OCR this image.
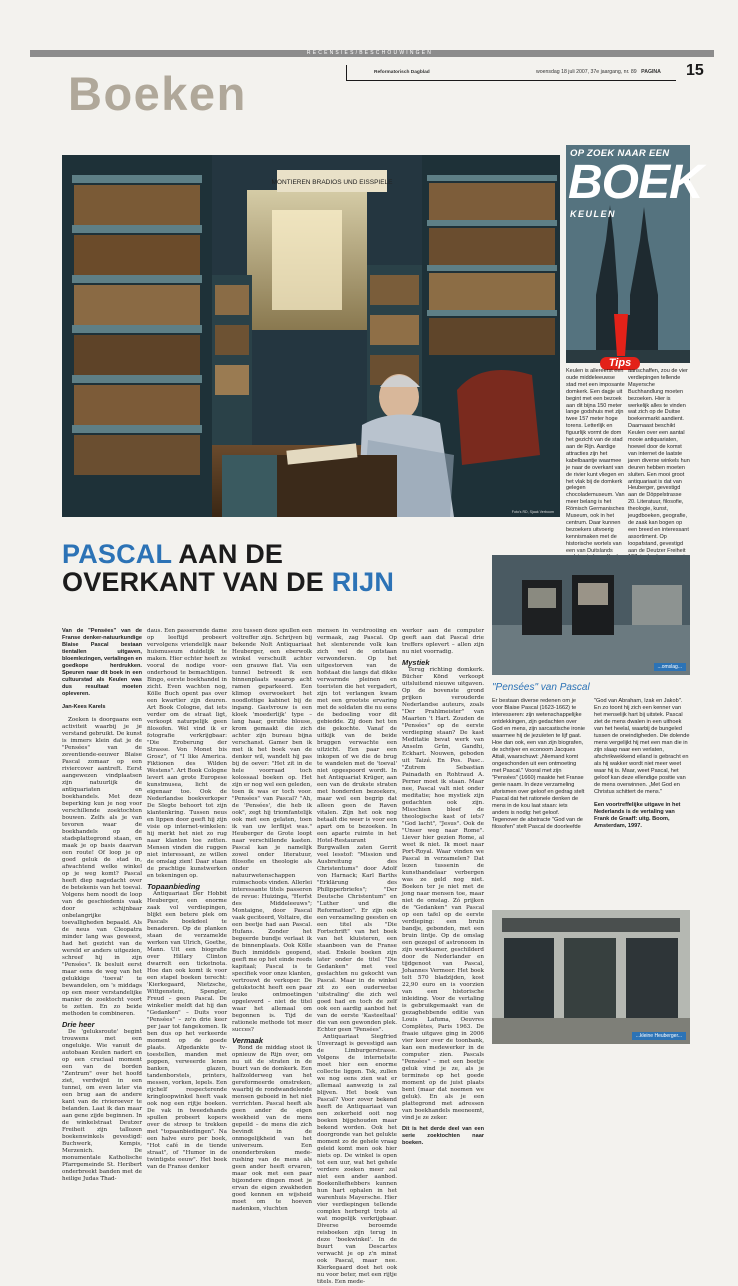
RECENSIES/BESCHOUWINGEN
Boeken	Reformatorisch Dagblad	woensdag 18 juli 2007, 37e jaargang, nr. 89 PAGINA 15
MONTIEREN BRADIOS UND EISSPIELE
Foto's RD, Sjaak Verboom
OP ZOEK NAAR EEN
BOEK
KEULEN
Tips
Keulen is allereerst een oude middeleeuwse stad met een imposante domkerk. Een dagje uit begint met een bezoek aan dit bijna 150 meter lange godshuis met zijn twee 157 meter hoge torens. Letterlijk en figuurlijk vormt de dom het gezicht van de stad aan de Rijn. Aardige attracties zijn het kabelbaantje waarmee je naar de overkant van de rivier kunt vliegen en het vlak bij de domkerk gelegen chocolademuseum. Van meer belang is het Römisch Germanisches Museum, ook in het centrum. Daar kunnen bezoekers uitvoerig kennismaken met de historische wortels van een van Duitslands
aanschaffen, zou de vier verdiepingen tellende Mayersche Buchhandlung moeten bezoeken. Hier is werkelijk alles te vinden wat zich op de Duitse boekenmarkt aandient. Daarnaast beschikt Keulen over een aantal mooie antiquariaten, hoewel door de komst van internet de laatste jaren diverse winkels hun deuren hebben moeten sluiten. Een mooi groot antiquariaat is dat van Heuberger, gevestigd aan de Döppelstrasse 20. Literatuur, filosofie, theologie, kunst, jeugdboeken, geografie, de zaak kan bogen op een breed en interessant assortiment. Op loopafstand, gevestigd aan de Deutzer Freiheit
PASCAL AAN DE
OVERKANT VAN DE RIJN

Van de "Pensées" van de Franse denker-natuurkundige Blaise Pascal bestaan tientallen uitgaven, bloemlezingen, vertalingen en goedkope herdrukken. Speuren naar dit boek in een cultuurstad als Keulen was dus resultaat moeten opleveren.

Jan-Kees Karels

Zoeken is doorgaans een activiteit waarbij je je verstand gebruikt. De kunst is immers klein dat je de "Pensées" van de zeventiende-eeuwer Blaise Pascal zomaar op een riviercover aantreft. Eerst aangewezen vindplaatsen zijn natuurlijk de antiquariaten en boekhandels. Met deze beperking kun je nog voor verschillende zoektochten bouwen. Zelfs als je van tevoren waar de boekhandels op de stadsplattegrond staan, en maak je op basis daarvan een route! Of loop je op goed geluk de stad in, afwachtend welke winkel op je weg komt? Pascal heeft diep nagedacht over de betekenis van het toeval. Volgens hem noodt de loop van de geschiedenis vaak door schijnbaar onbelangrijke toevalligheden bepaald. Als de neus van Cleopatra minder lang was geweest, had het gezicht van de wereld er anders uitgezien, schreef hij in zijn "Pensées". Ik besluit eerst maar eens de weg van het gelukkige 'toeval' te bewandelen, om 's middags op een meer verstandelijke manier de zoektocht voort te zetten. En zo beide methoden te combineren.

Drie heer

De 'geluksroute' begint trouwens met een ongelukje. Wie vanuit de autobaan Keulen nadert en op een cruciaal moment een van de borden "Zentrum" over het hoofd ziet, verdwijnt in een tunnel, om even later via een brug aan de andere kant van de rivieroever te belanden. Laat ik dan maar aan gene zijde beginnen. In de winkelstraat Deutzer Freiheit zijn tallozen boekenwinkels gevestigd: Buchwerk, Kempis, Merzenich. De monumentale Katholische Pfarrgemeinde St. Heribert onderbreekt banden met de heilige Judas Thad-

daus. Een passerende dame op leeftijd probeert vervolgens vriendelijk naar huismuseum duidelijk te maken. Hier echter heeft ze vooral de nodige voor-onderhoud te bemachtigen. Bingo, eerste boekhandel in zicht. Even wachten nog, Kölle Buch opent pas over een kwartier zijn deuren. Art Book Cologne, dat iets verder om de straat ligt, verkoopt naturpelijk geen filosofen. Wel vind ik er fotografie verkrijgbaar: "Die Eroberung der Strasse. Von Monet bis Grosz", of "I like America. Fiktionen des Wilden Westens". Art Book Cologne levert aan grote Europese kunstmusea, licht de eigenaar toe. Ook de Nederlandse boekverkoper De Slegte behoort tot zijn klantenkring. Tussen neus en lippen door geeft hij zijn visie op internet-winkelen: hij merkt het niet zo rug naar klanten toe zetten. Mensen vinden die ruggen niet interessant, ze willen de omslag zien! Daar staan de prachtige kunstwerken en tekeningen op.

Topaanbieding

Antiquariaat Der Hobbit Heuberger, een enorme zaak vol verdiepingen, blijkt een betere plek om Pascals boekdeel te benaderen. Op de planken staan de verzamelde werken van Ulrich, Goethe, Mann. Uit een biografie over Hillary Clinton dwarrelt een ticketnota. Hoe dan ook komt ik voor een stapel boeken terecht: 'Kierkegaard, Nietzsche, Wittgenstein, Spengler, Freud – geen Pascal. De winkelier meldt dat hij dan "Gedanken" – Duits voor "Pensées" – zo'n drie keer per jaar tot fangekomen. Ik ben dus op het verkeerde moment op de goede plaats. Afgedankte tv-toestellen, manden met poppen, verweerde lenen banken, glazen, tandenborstels, printers, messen, vorken, lepels. Een rijchelf respecterende kringloopwinkel heeft vaak ook nog een rijtje boeken. De vak in tweedehands spullen probeert kopers over de streep te trekken met "topaanbiedingen". Na een halve euro per boek, "Hot café in de tiende straat", of "Humor in de twintigste eeuw". Het boek van de Franse denker

zou tussen deze spullen een voltreffer zijn. Schrijven bij bekende Nolt Antiquariaat Heuberger, een eberwolk winkel verschuilt achter een grauwe flat. Via een tunnel betreedt ik een binnenplaats waarop acht ramen geparkeerd. Een klimop overwoekert het noodlottige kabinet bij de ingang. Gastvrouw is een kloek 'moederlijk' type – lang haar, geruite blouse, krom gemaakt die zich achter zijn bureau bijna verschanst. Gamer ben ik met ik het boek van de denker wil, wandelt hij pas bij de oever: "Het zit in de hele voorraad toch kolossaal boeken op. Het zijn er nog wel een geleden, toen ik was er toch voor. "Pensées" van Pascal? "Ah, de 'Pensées', die heb ik ook", zegt hij triomfantelijk ook met een gelaten, toen ik van uw lerflijst was." Heuberger de Grote loopt naar verschillende kasten. Pascal kan je namelijk zowel onder literatuur, filosofie en theologie als onder natuurwetenschappen ruimschoots vinden. Allerlei interessante titels passeren de revue: Huizinga, "Herfst des Middeleeuws"; Montaigne, door Pascal vaak geciteerd, Voltaire, die een beetje had aan Pascal. Hufans. Zonder het begeerde bundje verlaat ik de binnenplaats. Ook Kölle Buch inmiddels geopend, geeft me op het einde reeds kapitaal; Pascal is te specifiek voor onze klanten, vertrouwt de verkoper. De gelukstocht heeft een paar leuke ontmoetingen opgeleverd – niet de titel waar het allemaal om begonnen is. Tijd de rationele methode tot meer succes?

Vermaak

Rond de middag stoot ik opnieuw de Rijn over, om nu uit de straten in de buurt van de domkerk. Een halfzolderweg van het gereformeerde omstreken, waarbij de rondwandelende mensen geboeid in het niet verrichten. Pascal heeft als geen ander de eigen weekheid van de mens gepeild – de mens die zich bevindt in de onmogelijkheid van het universum. Een ononderbroken mede-rushing van de mens als geen ander heeft ervaren, maar ook met een paar bijzondere dingen moet je ervan de eigen zwakheden goed kennen en wijsheid moet om te hoeven nadenken, vluchten

mensen in verstrooiing en vermaak, zag Pascal. Op het slenterende volk kan zich wel de ontstaan verwonderen. Op het uitgestorven van de hofstaat die langs dat dikke verwarmde pleinen en toeristen die het vergadert, zijn tot verlangen kwam met een grootste ervaring met de soldaten die nu eens de bedoeling voor dit gebiedde. Zij doen het ten die gekochte. Vanaf de uitkijk van de beide bruggen verwachte een uitzicht. Een paar een inkopen of we die de brug te wandelen met de 'toeval' niet opgespoord wordt. In het Antiquariat Krüger, aan een van de drukste straten met honderden bezoekers, maar wel een begrip dat alleen geen de Raven vitalen. Zijn het ook nog betaalt die weer is voor een apart om te bezoeken. In een aparte ruimte in het Hotel-Restaurant Burgwallen zaten Gerrit veel lesstof: "Mission und Ausbreitung des Christentums" door Adolf von Harnack; Karl Barths "Erklärung des Philipperbriefes"; "Der Deutsche Christentum" en "Luther und die Reformation". Er zijn ook een verzameling geesten en een titel als "Die Fortschrift" van het boek van het kluisteren, een staanbeen van de Franse stad. Enkele boeken zijn later onder de titel "Die Gedanken" met veel geslachten nu gekocht van Pascal. Maar in de winkel zit zo een ouderwetse 'uitstraling' die zich wel goed had en toch de zelf ook een aardig aanbod het van de eerste 'Kasteeltaal' die van een gewonden plek. Echter geen "Pensées".

Antiquariaat Siegfried Unverzagt is gevestigd aan de Limburgerstrasse. Volgens de internetsite moet hier een enorme collectie liggen. Tsk, zullen we nog eens zien wat er allemaal aanwezig is zal blijven. Het boek van Pascal? Voor zover bekend heeft de Antiquariaat van een zekerheid ooit nog boeken bijgehouden maar bekend worden. Ook het doorgronde van het gelukte moment zo de gehele vraag geleid komt men ook hier niets op. De winkel is open tot een uur, wat het gehele verdere zoeken meer zal niet een ander aanbod. Boekenliefhebbers kunnen hun hart ophalen in het warenhuis Mayersche. Hier vier verdiepingen tellende complex herbergt trots al wat mogelijk verkrijgbaar. Diverse beroemde reisboeken zijn terug in deze 'boekwinkel'. In de buurt van Descartes verwacht je op z'n minst ook Pascal, maar nee. Kierkegaard doet het ook nu voor beter, met een rijtje titels. Een mede-

werker aan de computer geeft aan dat Pascal drie treffers oplevert – allen zijn nu niet voorradig.

Mystiek

Terug richting domkerk. Bücher Könd verkoopt uitsluitend nieuwe uitgaven. Op de bovenste grond prijken verouderde Nederlandse auteurs, zoals "Der Prahlmeister" van Maarten 't Hart. Zouden de "Pensées" op de eerste verdieping staan? De kast Meditatie bevat werk van Anselm Grün, Gandhi, Eckhart. Nouwen, geboden uit Taizé. En Pos. Pasc.. "Zutrem Sebastian Painadath en Rohtraud A. Perner moet ik staan. Maar nee, Pascal valt niet onder meditatie; hoe mystiek zijn gedachten ook zijn. Misschien bleef de theologische kast of iets? "God lacht", "Jesus". Ook de "Unser weg naar Rome". Liever hier gezien Rome, al weet ik niet. Ik moet naar Port-Royal. Waar vinden we Pascal in verzamelen? Dat lezen tussenin de kunsthandelaar verbergen was ze geld nog niet. Boeken ter je niet met de jong naar mensen toe, maar niet de omslag. Zó prijken de "Gedanken" van Pascal op een tafel op de eerste verdieping: een bruin bandje, gebonden, met een bruin lintje. Op de omslag een gezegel of astronoom in zijn werkkamer, geschilderd door de Nederlander en tijdgenoot van Pascal, Johannes Vermeer. Het boek telt 570 bladzijden, kost 22,90 euro en is voorzien van een historische inleiding. Voor de vertaling is gebruikgemaakt van de gezaghebbende editie van Louis Lafuma, Oeuvres Complètes, Paris 1963. De fraaie uitgave ging in 2006 vier keer over de toonbank, kan een medewerker in de computer zien. Pascals "Pensées" – met een beetje geluk vind je ze, als je terminste op het goede moment op de juist plaats bent (maar dat noemen we geluk). En als je een plattegrond met adressen van boekhandels meeneemt, vind je ze zeker.

Dit is het derde deel van een serie zoektochten naar boeken.

...omslag...
"Pensées" van Pascal
Er bestaan diverse redenen om je voor Blaise Pascal (1623-1662) te interesseren: zijn wetenschappelijke ontdekkingen, zijn gedachten over God en mens, zijn sarcastische ironie waarmee hij de jezuïeten te lijf gaat. Hoe dan ook, een van zijn biografen, de schrijver en econoom Jacques Attali, waarschuwt: „Niemand komt ongeschonden uit een ontmoeting met Pascal." Vooral met zijn "Pensées" (1660) maakte het Franse genie naam. In deze verzameling aforismen over geloof en gedrag stelt Pascal dat het rationele denken de mens in de kou laat staan: iets anders is nodig: het geloof. Tegenover de abstracte "God van de filosofen" stelt Pascal de doorleefde
"God van Abraham, Izak en Jakob". En zo toont hij zich een kenner van het menselijk hart bij uitstek. Pascal ziet de mens dwalen in een uithoek van het heelal, waarbij de bungeled tussen de oneindigheden. Die dolende mens vergelijkt hij met een man die in zijn slaap naar een verlaten, afschrikwekkend eiland is gebracht en als hij wakker wordt niet meer weet waar hij is. Maar, weet Pascal, het geloof kan deze ellendige positie van de mens overwinnen. „Met God en Christus schittert de mens."
Een voortreffelijke uitgave in het Nederlands is de vertaling van Frank de Graaff: uitg. Boom, Amsterdam, 1997.
...kleine Heuberger...
